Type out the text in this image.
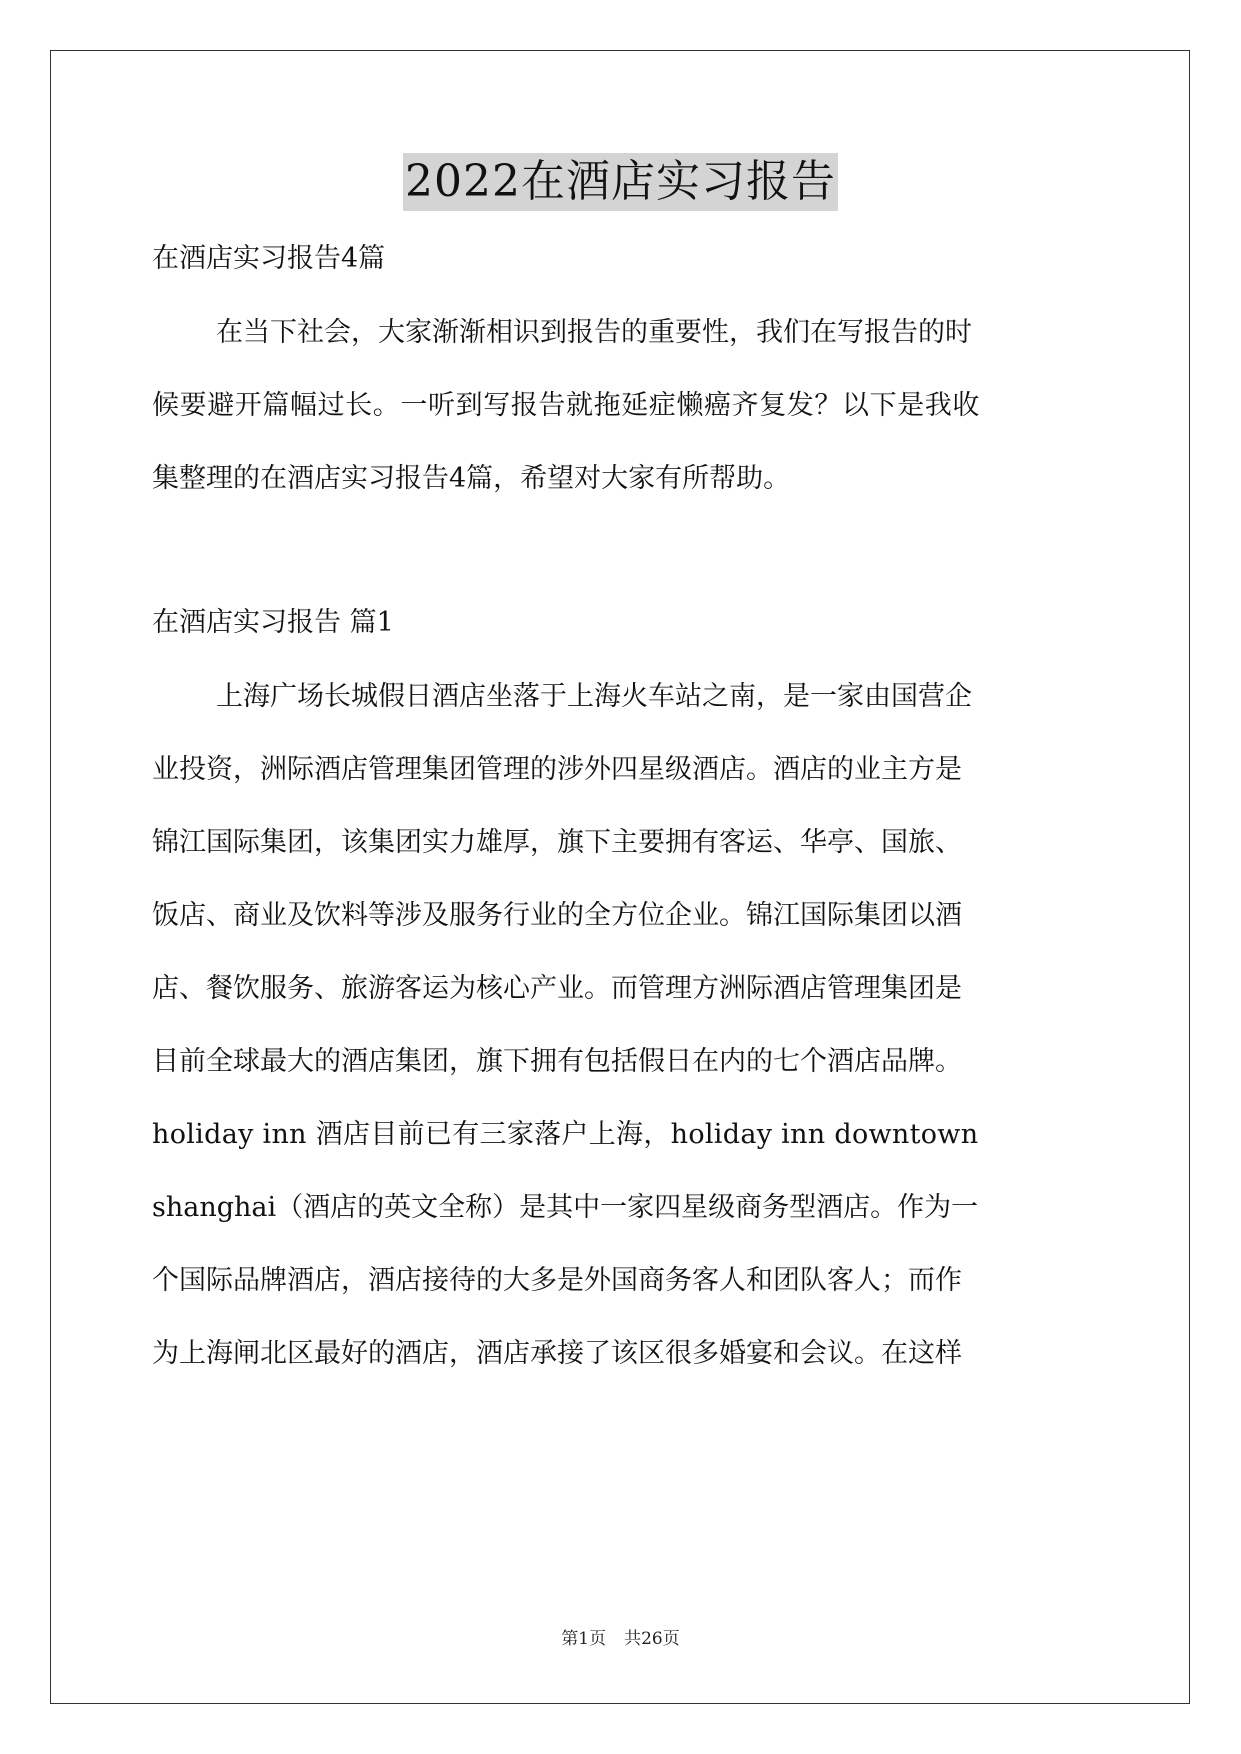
2022在酒店实习报告

在酒店实习报告4篇

在当下社会，大家渐渐相识到报告的重要性，我们在写报告的时

候要避开篇幅过长。一听到写报告就拖延症懒癌齐复发？以下是我收

集整理的在酒店实习报告4篇，希望对大家有所帮助。

在酒店实习报告 篇1

上海广场长城假日酒店坐落于上海火车站之南，是一家由国营企

业投资，洲际酒店管理集团管理的涉外四星级酒店。酒店的业主方是

锦江国际集团，该集团实力雄厚，旗下主要拥有客运、华亭、国旅、

饭店、商业及饮料等涉及服务行业的全方位企业。锦江国际集团以酒

店、餐饮服务、旅游客运为核心产业。而管理方洲际酒店管理集团是

目前全球最大的酒店集团，旗下拥有包括假日在内的七个酒店品牌。

holiday inn 酒店目前已有三家落户上海，holiday inn downtown

shanghai（酒店的英文全称）是其中一家四星级商务型酒店。作为一

个国际品牌酒店，酒店接待的大多是外国商务客人和团队客人；而作

为上海闸北区最好的酒店，酒店承接了该区很多婚宴和会议。在这样

第1页 共26页
